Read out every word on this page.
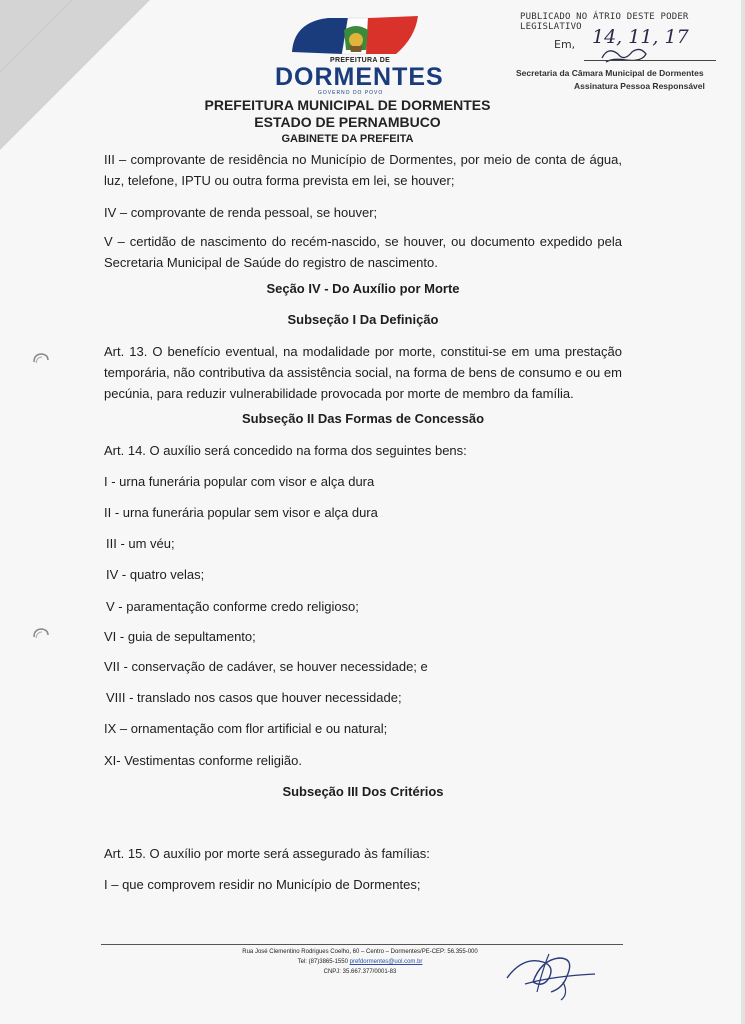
PREFEITURA DE
DORMENTES
GOVERNO DO POVO
PREFEITURA MUNICIPAL DE DORMENTES
ESTADO DE PERNAMBUCO
GABINETE DA PREFEITA
PUBLICADO NO ÁTRIO DESTE PODER LEGISLATIVO
Em, 14, 11, 17
Secretaria da Câmara Municipal de Dormentes
Assinatura Pessoa Responsável
III – comprovante de residência no Município de Dormentes, por meio de conta de água, luz, telefone, IPTU ou outra forma prevista em lei, se houver;
IV – comprovante de renda pessoal, se houver;
V – certidão de nascimento do recém-nascido, se houver, ou documento expedido pela Secretaria Municipal de Saúde do registro de nascimento.
Seção IV - Do Auxílio por Morte
Subseção I Da Definição
Art. 13. O benefício eventual, na modalidade por morte, constitui-se em uma prestação temporária, não contributiva da assistência social, na forma de bens de consumo e ou em pecúnia, para reduzir vulnerabilidade provocada por morte de membro da família.
Subseção II Das Formas de Concessão
Art. 14. O auxílio será concedido na forma dos seguintes bens:
I - urna funerária popular com visor e alça dura
II - urna funerária popular sem visor e alça dura
III - um véu;
IV - quatro velas;
V - paramentação conforme credo religioso;
VI - guia de sepultamento;
VII - conservação de cadáver, se houver necessidade; e
VIII - translado nos casos que houver necessidade;
IX – ornamentação com flor artificial e ou natural;
XI- Vestimentas conforme religião.
Subseção III Dos Critérios
Art. 15. O auxílio por morte será assegurado às famílias:
I – que comprovem residir no Município de Dormentes;
Rua José Clementino Rodrigues Coelho, 60 – Centro – Dormentes/PE-CEP: 56.355-000
Tel: (87)3865-1550 prefdormentes@uol.com.br
CNPJ: 35.667.377/0001-83
